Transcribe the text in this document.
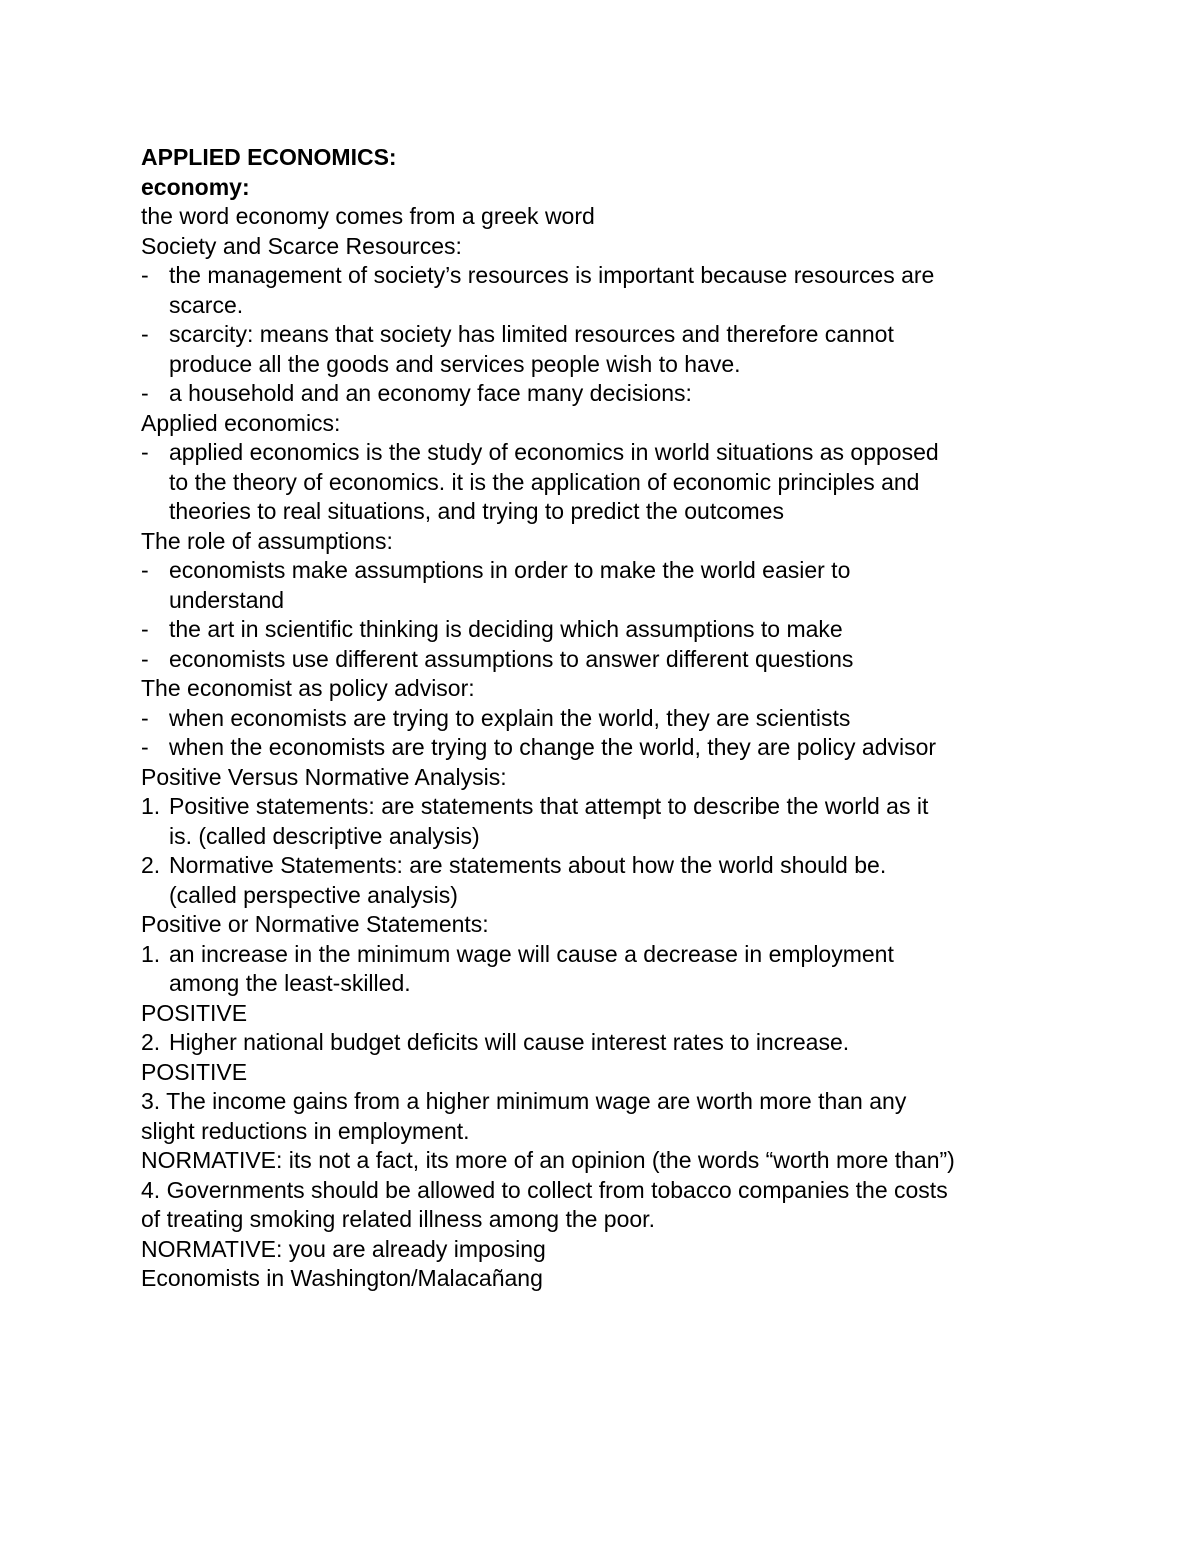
APPLIED ECONOMICS:
economy:
the word economy comes from a greek word
Society and Scarce Resources:
- the management of society’s resources is important because resources are
scarce.
- scarcity: means that society has limited resources and therefore cannot
produce all the goods and services people wish to have.
- a household and an economy face many decisions:
Applied economics:
- applied economics is the study of economics in world situations as opposed
to the theory of economics. it is the application of economic principles and
theories to real situations, and trying to predict the outcomes
The role of assumptions:
- economists make assumptions in order to make the world easier to
understand
- the art in scientific thinking is deciding which assumptions to make
- economists use different assumptions to answer different questions
The economist as policy advisor:
- when economists are trying to explain the world, they are scientists
- when the economists are trying to change the world, they are policy advisor
Positive Versus Normative Analysis:
1. Positive statements: are statements that attempt to describe the world as it
is. (called descriptive analysis)
2. Normative Statements: are statements about how the world should be.
(called perspective analysis)
Positive or Normative Statements:
1. an increase in the minimum wage will cause a decrease in employment
among the least-skilled.
POSITIVE
2. Higher national budget deficits will cause interest rates to increase.
POSITIVE
3. The income gains from a higher minimum wage are worth more than any
slight reductions in employment.
NORMATIVE: its not a fact, its more of an opinion (the words “worth more than”)
4. Governments should be allowed to collect from tobacco companies the costs
of treating smoking related illness among the poor.
NORMATIVE: you are already imposing
Economists in Washington/Malacañang
